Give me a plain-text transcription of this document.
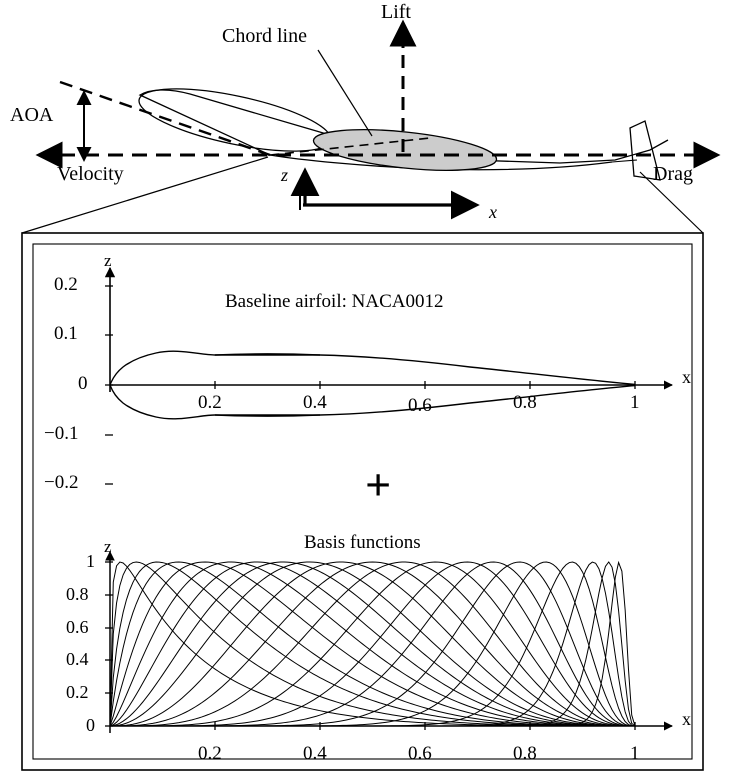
Lift
Chord line
AOA
Velocity	Drag
z
x
Baseline airfoil: NACA0012
z
x
0.2
0.1
0
−0.1
−0.2
0.2	0.4	0.6	0.8	1
+
Basis functions
z
x
1
0.8
0.6
0.4
0.2
0
0.2	0.4	0.6	0.8	1
